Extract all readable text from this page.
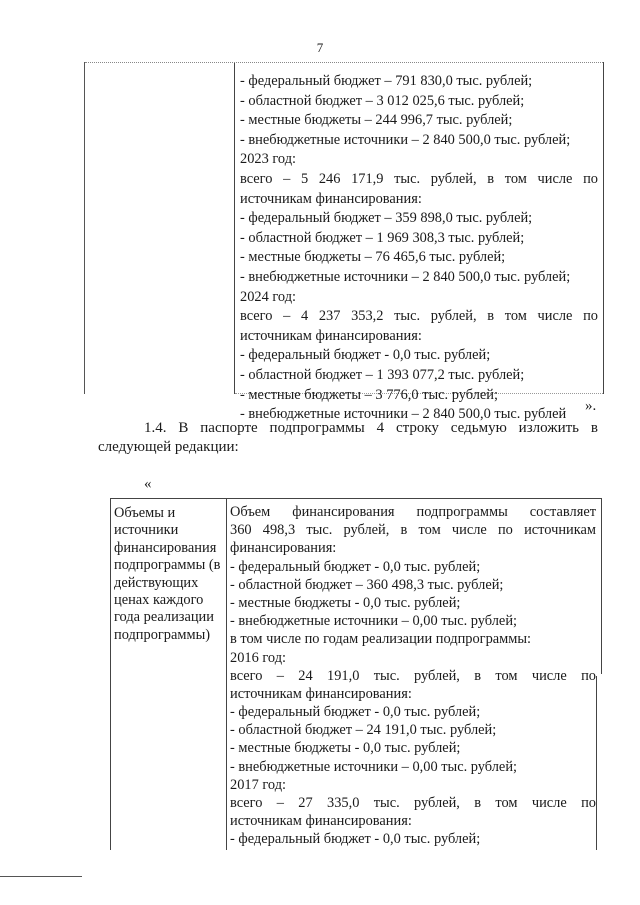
7
- федеральный бюджет – 791 830,0 тыс. рублей;
- областной бюджет – 3 012 025,6 тыс. рублей;
- местные бюджеты – 244 996,7 тыс. рублей;
- внебюджетные источники – 2 840 500,0 тыс. рублей;
2023 год:
всего – 5 246 171,9 тыс. рублей, в том числе по
источникам финансирования:
- федеральный бюджет – 359 898,0 тыс. рублей;
- областной бюджет – 1 969 308,3 тыс. рублей;
- местные бюджеты – 76 465,6 тыс. рублей;
- внебюджетные источники – 2 840 500,0 тыс. рублей;
2024 год:
всего – 4 237 353,2 тыс. рублей, в том числе по
источникам финансирования:
- федеральный бюджет - 0,0 тыс. рублей;
- областной бюджет – 1 393 077,2 тыс. рублей;
- местные бюджеты – 3 776,0 тыс. рублей;
- внебюджетные источники – 2 840 500,0 тыс. рублей
».
1.4. В паспорте подпрограммы 4 строку седьмую изложить в
следующей редакции:
«
Объемы и источники финансирования подпрограммы (в действующих ценах каждого года реализации подпрограммы)
Объем финансирования подпрограммы составляет
360 498,3 тыс. рублей, в том числе по источникам
финансирования:
- федеральный бюджет - 0,0 тыс. рублей;
- областной бюджет – 360 498,3 тыс. рублей;
- местные бюджеты - 0,0 тыс. рублей;
- внебюджетные источники – 0,00 тыс. рублей;
в том числе по годам реализации подпрограммы:
2016 год:
всего – 24 191,0 тыс. рублей, в том числе по
источникам финансирования:
- федеральный бюджет - 0,0 тыс. рублей;
- областной бюджет – 24 191,0 тыс. рублей;
- местные бюджеты - 0,0 тыс. рублей;
- внебюджетные источники – 0,00 тыс. рублей;
2017 год:
всего – 27 335,0 тыс. рублей, в том числе по
источникам финансирования:
- федеральный бюджет - 0,0 тыс. рублей;
